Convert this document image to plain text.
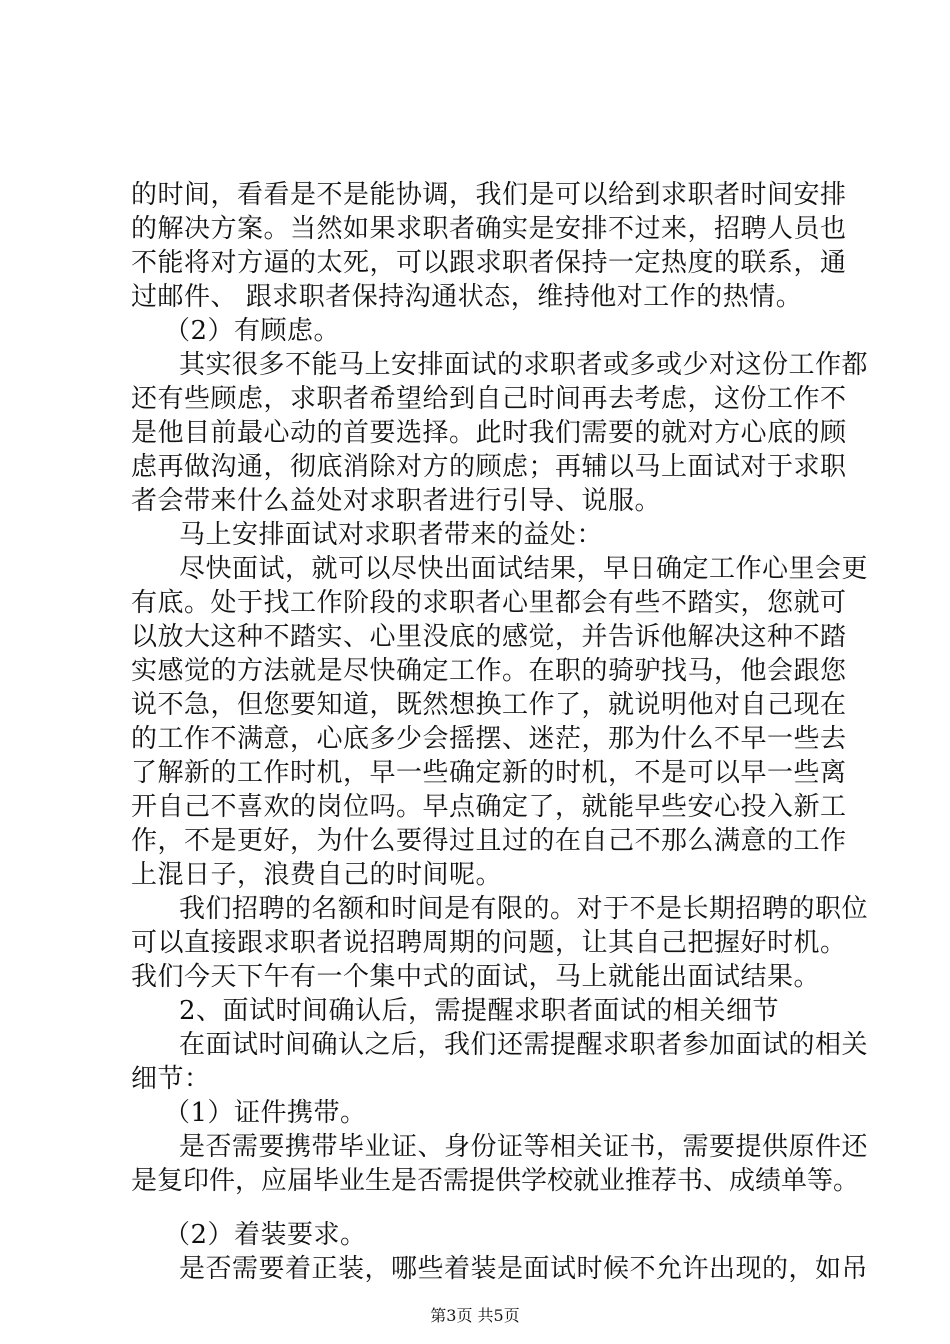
的时间，看看是不是能协调，我们是可以给到求职者时间安排
的解决方案。当然如果求职者确实是安排不过来，招聘人员也
不能将对方逼的太死，可以跟求职者保持一定热度的联系，通
过邮件、 跟求职者保持沟通状态，维持他对工作的热情。
（2）有顾虑。
其实很多不能马上安排面试的求职者或多或少对这份工作都
还有些顾虑，求职者希望给到自己时间再去考虑，这份工作不
是他目前最心动的首要选择。此时我们需要的就对方心底的顾
虑再做沟通，彻底消除对方的顾虑；再辅以马上面试对于求职
者会带来什么益处对求职者进行引导、说服。
马上安排面试对求职者带来的益处：
尽快面试，就可以尽快出面试结果，早日确定工作心里会更
有底。处于找工作阶段的求职者心里都会有些不踏实，您就可
以放大这种不踏实、心里没底的感觉，并告诉他解决这种不踏
实感觉的方法就是尽快确定工作。在职的骑驴找马，他会跟您
说不急，但您要知道，既然想换工作了，就说明他对自己现在
的工作不满意，心底多少会摇摆、迷茫，那为什么不早一些去
了解新的工作时机，早一些确定新的时机，不是可以早一些离
开自己不喜欢的岗位吗。早点确定了，就能早些安心投入新工
作，不是更好，为什么要得过且过的在自己不那么满意的工作
上混日子，浪费自己的时间呢。
我们招聘的名额和时间是有限的。对于不是长期招聘的职位
可以直接跟求职者说招聘周期的问题，让其自己把握好时机。
我们今天下午有一个集中式的面试，马上就能出面试结果。
2、面试时间确认后，需提醒求职者面试的相关细节
在面试时间确认之后，我们还需提醒求职者参加面试的相关
细节：
（1）证件携带。
是否需要携带毕业证、身份证等相关证书，需要提供原件还
是复印件，应届毕业生是否需提供学校就业推荐书、成绩单等。
（2）着装要求。
是否需要着正装，哪些着装是面试时候不允许出现的，如吊
第3页 共5页
